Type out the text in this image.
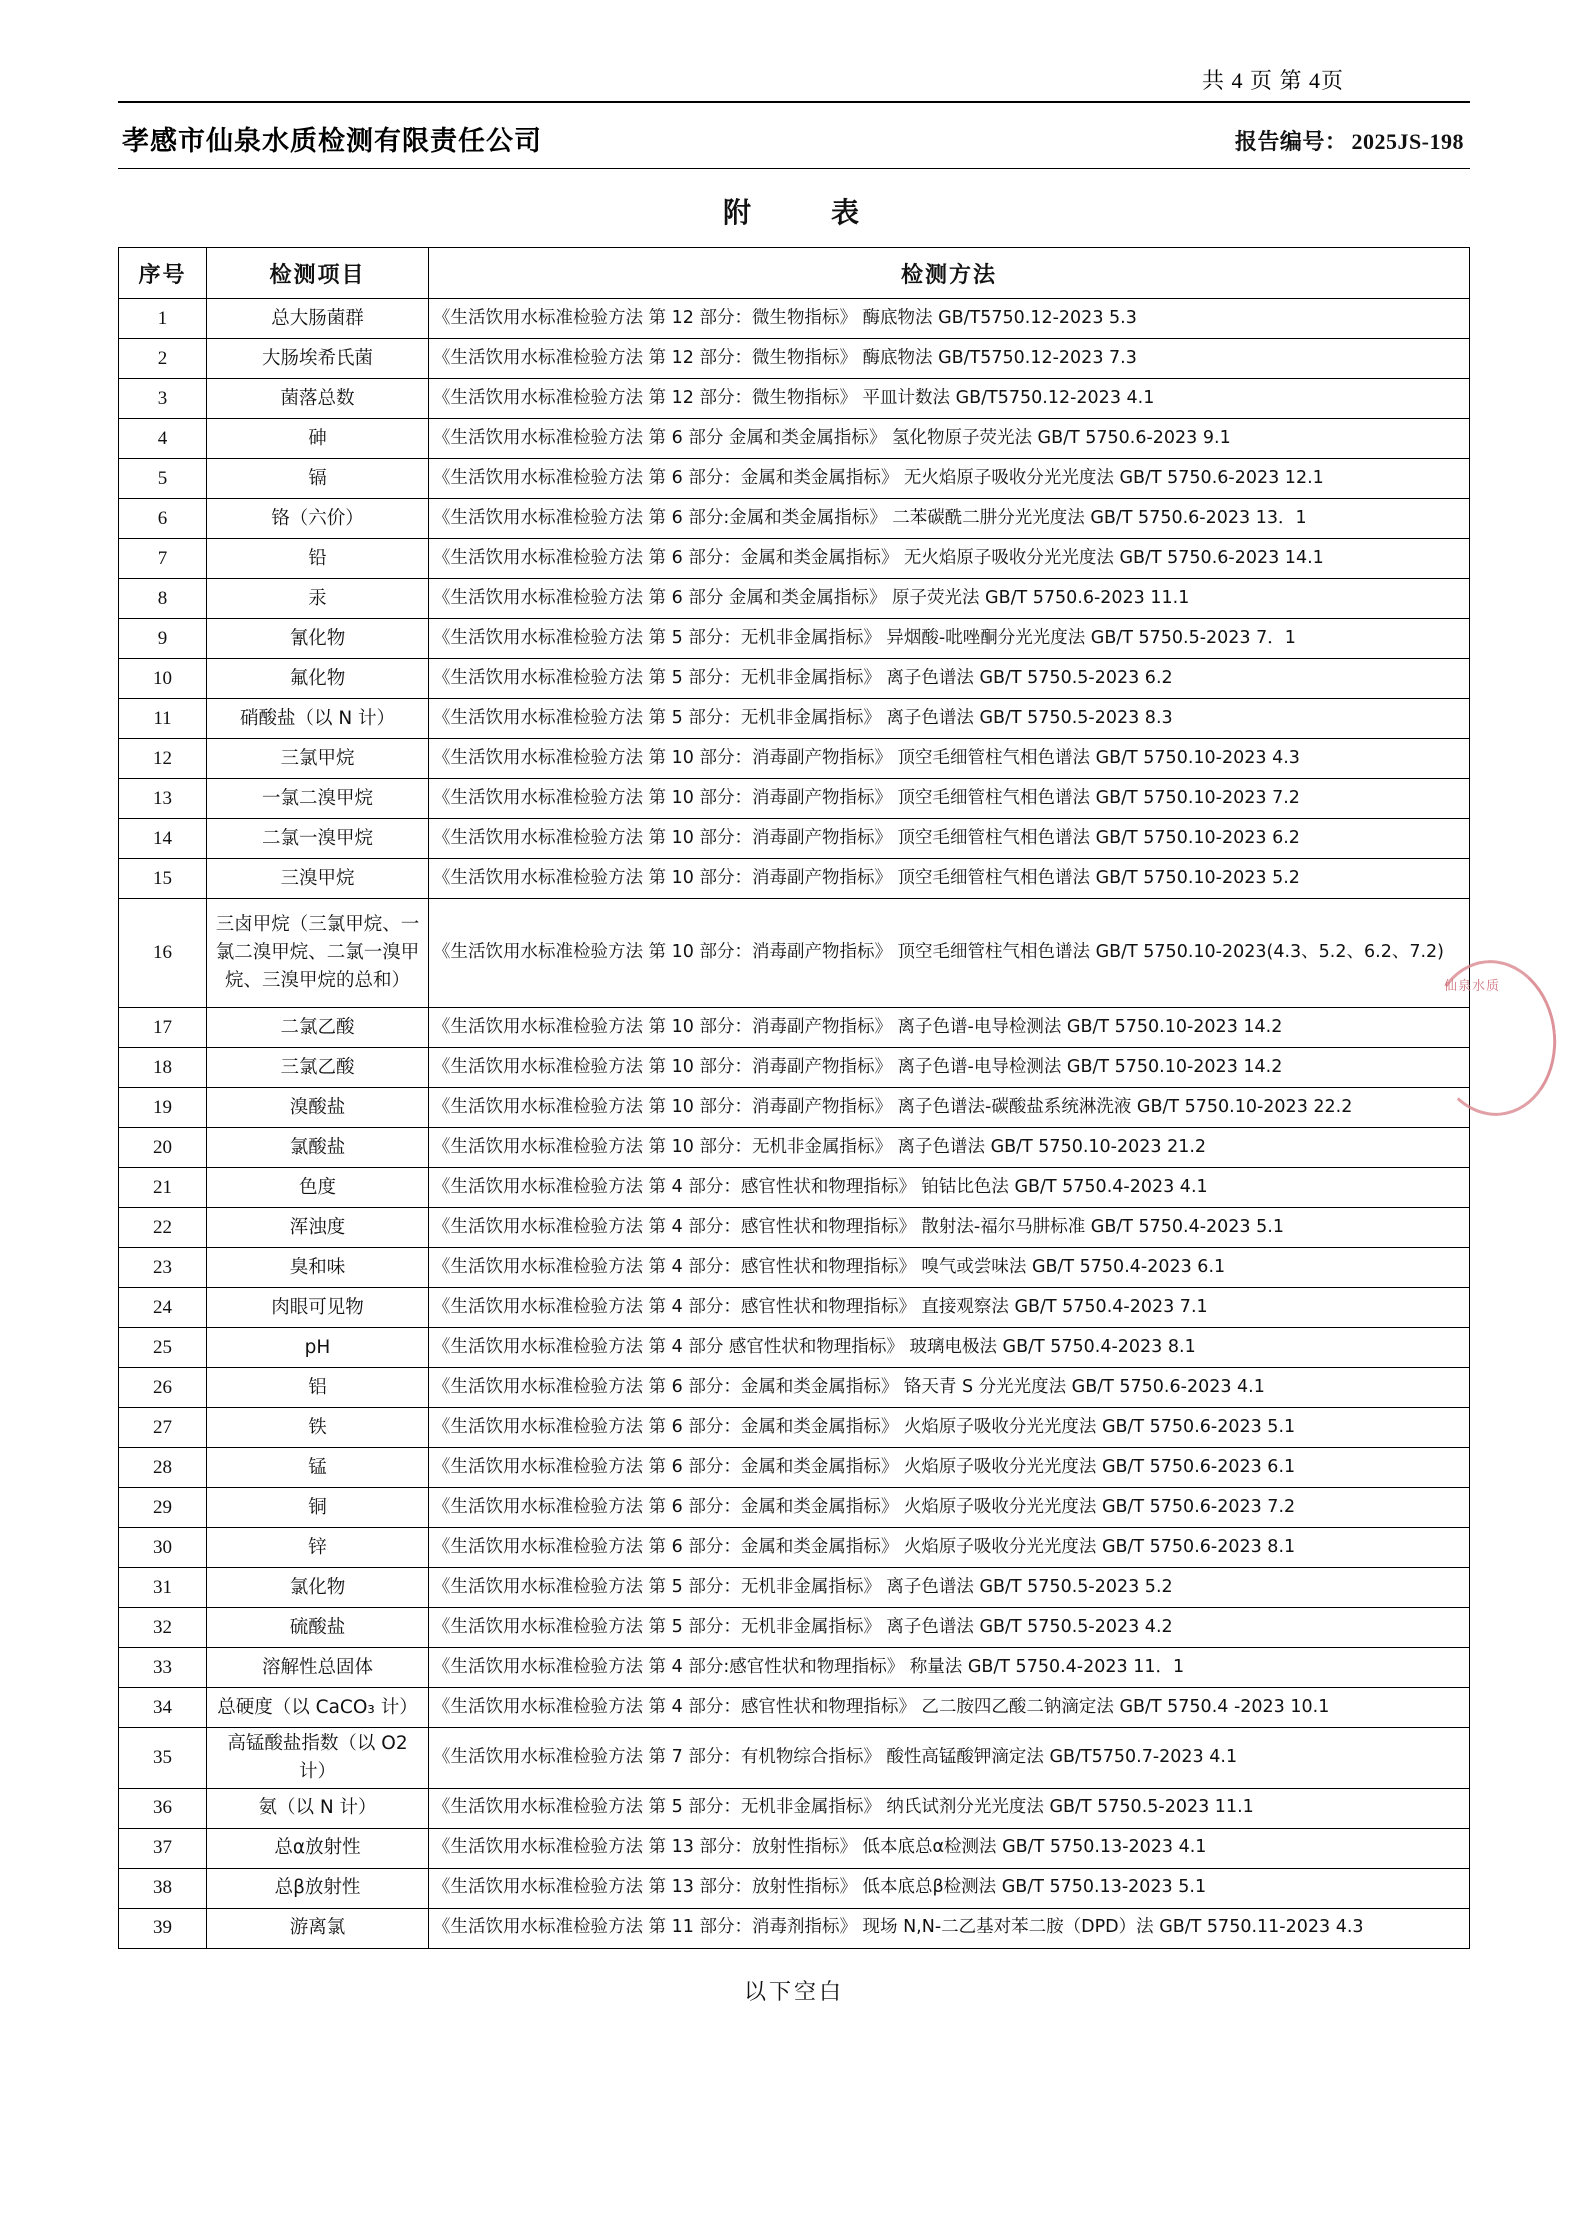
共 4 页 第 4页
孝感市仙泉水质检测有限责任公司	报告编号： 2025JS-198
附　表
序号	检测项目	检测方法
1	总大肠菌群	《生活饮用水标准检验方法 第 12 部分：微生物指标》 酶底物法 GB/T5750.12-2023 5.3
2	大肠埃希氏菌	《生活饮用水标准检验方法 第 12 部分：微生物指标》 酶底物法 GB/T5750.12-2023 7.3
3	菌落总数	《生活饮用水标准检验方法 第 12 部分：微生物指标》 平皿计数法 GB/T5750.12-2023 4.1
4	砷	《生活饮用水标准检验方法 第 6 部分 金属和类金属指标》 氢化物原子荧光法 GB/T 5750.6-2023 9.1
5	镉	《生活饮用水标准检验方法 第 6 部分：金属和类金属指标》 无火焰原子吸收分光光度法 GB/T 5750.6-2023 12.1
6	铬（六价）	《生活饮用水标准检验方法 第 6 部分:金属和类金属指标》 二苯碳酰二肼分光光度法 GB/T 5750.6-2023 13．1
7	铅	《生活饮用水标准检验方法 第 6 部分：金属和类金属指标》 无火焰原子吸收分光光度法 GB/T 5750.6-2023 14.1
8	汞	《生活饮用水标准检验方法 第 6 部分 金属和类金属指标》 原子荧光法 GB/T 5750.6-2023 11.1
9	氰化物	《生活饮用水标准检验方法 第 5 部分：无机非金属指标》 异烟酸-吡唑酮分光光度法 GB/T 5750.5-2023 7．1
10	氟化物	《生活饮用水标准检验方法 第 5 部分：无机非金属指标》 离子色谱法 GB/T 5750.5-2023 6.2
11	硝酸盐（以 N 计）	《生活饮用水标准检验方法 第 5 部分：无机非金属指标》 离子色谱法 GB/T 5750.5-2023 8.3
12	三氯甲烷	《生活饮用水标准检验方法 第 10 部分：消毒副产物指标》 顶空毛细管柱气相色谱法 GB/T 5750.10-2023 4.3
13	一氯二溴甲烷	《生活饮用水标准检验方法 第 10 部分：消毒副产物指标》 顶空毛细管柱气相色谱法 GB/T 5750.10-2023 7.2
14	二氯一溴甲烷	《生活饮用水标准检验方法 第 10 部分：消毒副产物指标》 顶空毛细管柱气相色谱法 GB/T 5750.10-2023 6.2
15	三溴甲烷	《生活饮用水标准检验方法 第 10 部分：消毒副产物指标》 顶空毛细管柱气相色谱法 GB/T 5750.10-2023 5.2
16	三卤甲烷（三氯甲烷、一氯二溴甲烷、二氯一溴甲烷、三溴甲烷的总和）	《生活饮用水标准检验方法 第 10 部分：消毒副产物指标》 顶空毛细管柱气相色谱法 GB/T 5750.10-2023(4.3、5.2、6.2、7.2)
17	二氯乙酸	《生活饮用水标准检验方法 第 10 部分：消毒副产物指标》 离子色谱-电导检测法 GB/T 5750.10-2023 14.2
18	三氯乙酸	《生活饮用水标准检验方法 第 10 部分：消毒副产物指标》 离子色谱-电导检测法 GB/T 5750.10-2023 14.2
19	溴酸盐	《生活饮用水标准检验方法 第 10 部分：消毒副产物指标》 离子色谱法-碳酸盐系统淋洗液 GB/T 5750.10-2023 22.2
20	氯酸盐	《生活饮用水标准检验方法 第 10 部分：无机非金属指标》 离子色谱法 GB/T 5750.10-2023 21.2
21	色度	《生活饮用水标准检验方法 第 4 部分：感官性状和物理指标》 铂钴比色法 GB/T 5750.4-2023 4.1
22	浑浊度	《生活饮用水标准检验方法 第 4 部分：感官性状和物理指标》 散射法-福尔马肼标准 GB/T 5750.4-2023 5.1
23	臭和味	《生活饮用水标准检验方法 第 4 部分：感官性状和物理指标》 嗅气或尝味法 GB/T 5750.4-2023 6.1
24	肉眼可见物	《生活饮用水标准检验方法 第 4 部分：感官性状和物理指标》 直接观察法 GB/T 5750.4-2023 7.1
25	pH	《生活饮用水标准检验方法 第 4 部分 感官性状和物理指标》 玻璃电极法 GB/T 5750.4-2023 8.1
26	铝	《生活饮用水标准检验方法 第 6 部分：金属和类金属指标》 铬天青 S 分光光度法 GB/T 5750.6-2023 4.1
27	铁	《生活饮用水标准检验方法 第 6 部分：金属和类金属指标》 火焰原子吸收分光光度法 GB/T 5750.6-2023 5.1
28	锰	《生活饮用水标准检验方法 第 6 部分：金属和类金属指标》 火焰原子吸收分光光度法 GB/T 5750.6-2023 6.1
29	铜	《生活饮用水标准检验方法 第 6 部分：金属和类金属指标》 火焰原子吸收分光光度法 GB/T 5750.6-2023 7.2
30	锌	《生活饮用水标准检验方法 第 6 部分：金属和类金属指标》 火焰原子吸收分光光度法 GB/T 5750.6-2023 8.1
31	氯化物	《生活饮用水标准检验方法 第 5 部分：无机非金属指标》 离子色谱法 GB/T 5750.5-2023 5.2
32	硫酸盐	《生活饮用水标准检验方法 第 5 部分：无机非金属指标》 离子色谱法 GB/T 5750.5-2023 4.2
33	溶解性总固体	《生活饮用水标准检验方法 第 4 部分:感官性状和物理指标》 称量法 GB/T 5750.4-2023 11．1
34	总硬度（以 CaCO₃ 计）	《生活饮用水标准检验方法 第 4 部分：感官性状和物理指标》 乙二胺四乙酸二钠滴定法 GB/T 5750.4 -2023 10.1
35	高锰酸盐指数（以 O2 计）	《生活饮用水标准检验方法 第 7 部分：有机物综合指标》 酸性高锰酸钾滴定法 GB/T5750.7-2023 4.1
36	氨（以 N 计）	《生活饮用水标准检验方法 第 5 部分：无机非金属指标》 纳氏试剂分光光度法 GB/T 5750.5-2023 11.1
37	总α放射性	《生活饮用水标准检验方法 第 13 部分：放射性指标》 低本底总α检测法 GB/T 5750.13-2023 4.1
38	总β放射性	《生活饮用水标准检验方法 第 13 部分：放射性指标》 低本底总β检测法 GB/T 5750.13-2023 5.1
39	游离氯	《生活饮用水标准检验方法 第 11 部分：消毒剂指标》 现场 N,N-二乙基对苯二胺（DPD）法 GB/T 5750.11-2023 4.3
以下空白
仙泉水质
